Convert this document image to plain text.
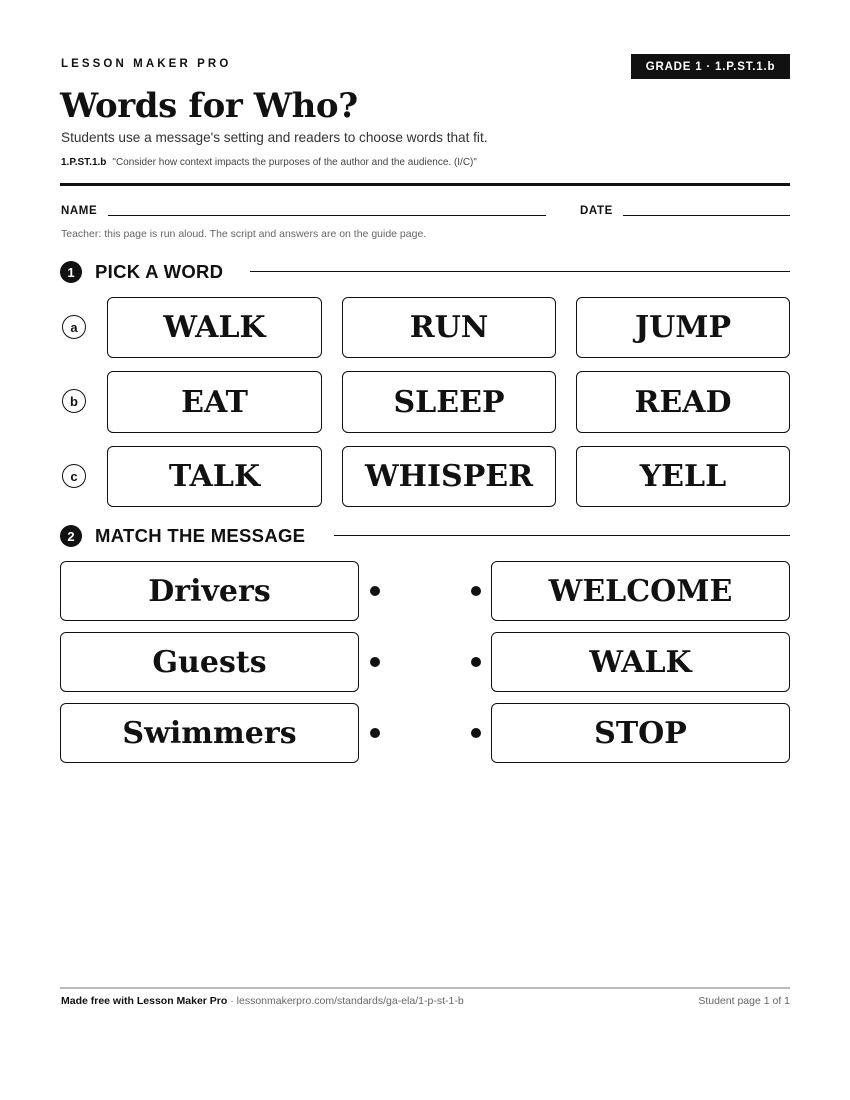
LESSON MAKER PRO	GRADE 1 · 1.P.ST.1.b
Words for Who?
Students use a message's setting and readers to choose words that fit.
1.P.ST.1.b "Consider how context impacts the purposes of the author and the audience. (I/C)"
NAME	DATE
Teacher: this page is run aloud. The script and answers are on the guide page.
1	PICK A WORD
a	WALK	RUN	JUMP
b	EAT	SLEEP	READ
c	TALK	WHISPER	YELL
2	MATCH THE MESSAGE
Drivers	WELCOME
Guests	WALK
Swimmers	STOP
Made free with Lesson Maker Pro · lessonmakerpro.com/standards/ga-ela/1-p-st-1-b	Student page 1 of 1
